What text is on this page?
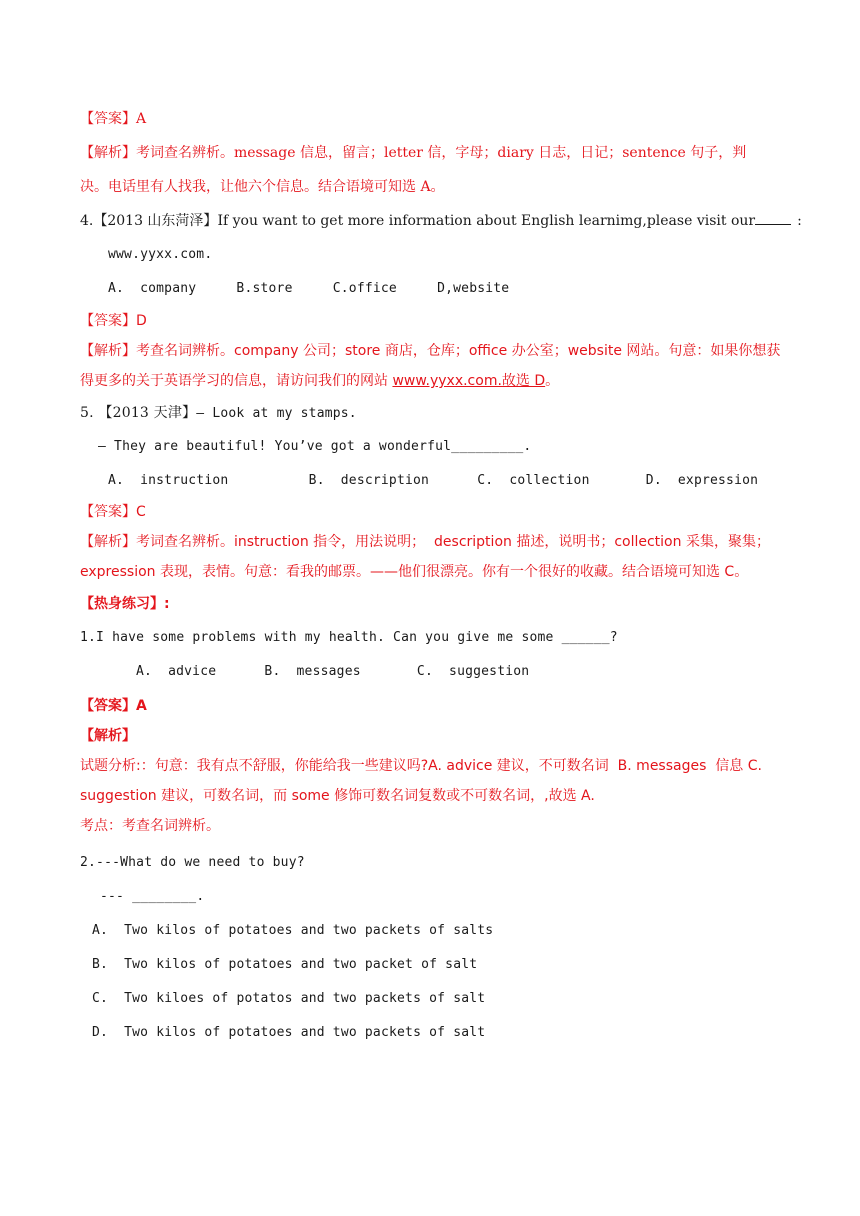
【答案】A
【解析】考词查名辨析。message 信息，留言；letter 信，字母；diary 日志，日记；sentence 句子，判
决。电话里有人找我，让他六个信息。结合语境可知选 A。
4.【2013 山东菏泽】If you want to get more information about English learnimg,please visit our	:
www.yyxx.com.
A.  company     B.store     C.office     D,website
【答案】D
【解析】考查名词辨析。company 公司；store 商店，仓库；office 办公室；website 网站。句意：如果你想获
得更多的关于英语学习的信息，请访问我们的网站 www.yyxx.com.故选 D。
5. 【2013 天津】— Look at my stamps.
— They are beautiful! You’ve got a wonderful_________.
A.  instruction          B.  description      C.  collection       D.  expression
【答案】C
【解析】考词查名辨析。instruction 指令，用法说明；  description 描述，说明书；collection 采集，聚集；
expression 表现，表情。句意：看我的邮票。——他们很漂亮。你有一个很好的收藏。结合语境可知选 C。
【热身练习】:
1.I have some problems with my health. Can you give me some ______?
A.  advice      B.  messages       C.  suggestion
【答案】A
【解析】
试题分析:：句意：我有点不舒服，你能给我一些建议吗?A. advice 建议，不可数名词  B. messages  信息 C.
suggestion 建议，可数名词，而 some 修饰可数名词复数或不可数名词，,故选 A.
考点：考查名词辨析。
2.---What do we need to buy?
--- ________.
A.  Two kilos of potatoes and two packets of salts
B.  Two kilos of potatoes and two packet of salt
C.  Two kiloes of potatos and two packets of salt
D.  Two kilos of potatoes and two packets of salt
